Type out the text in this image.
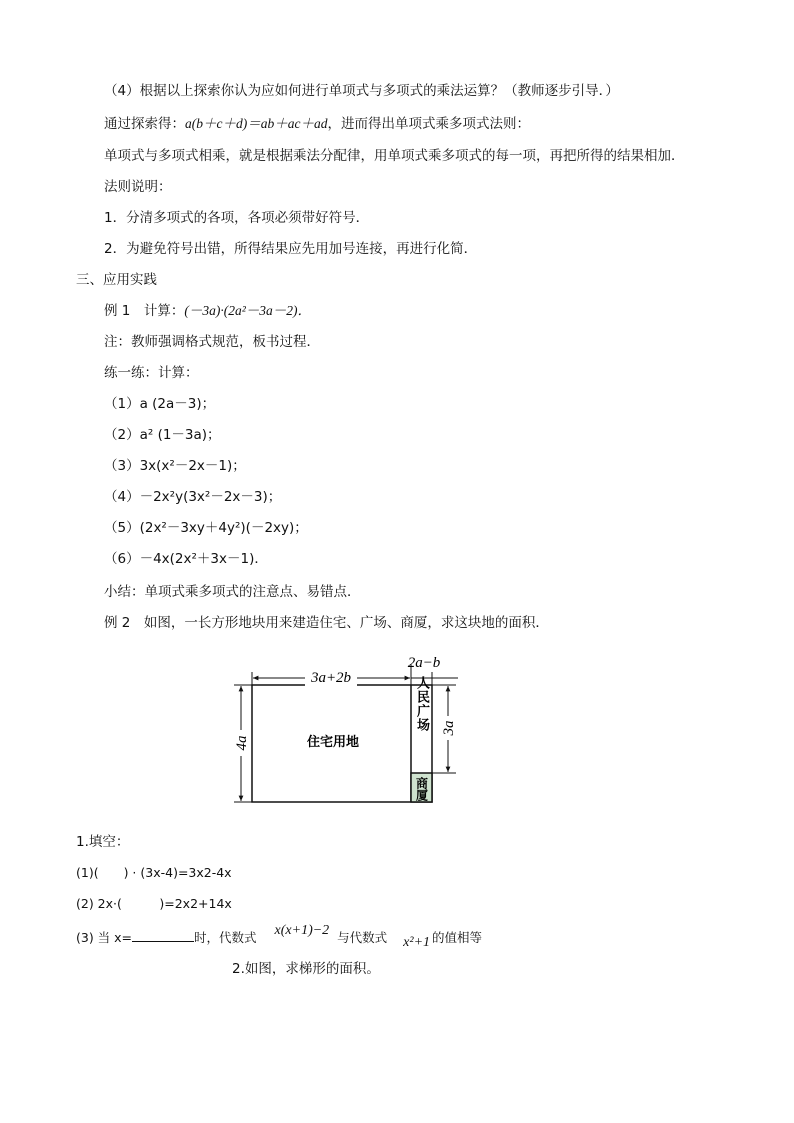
（4）根据以上探索你认为应如何进行单项式与多项式的乘法运算？（教师逐步引导．）
通过探索得：a(b＋c＋d)＝ab＋ac＋ad，进而得出单项式乘多项式法则：
单项式与多项式相乘，就是根据乘法分配律，用单项式乘多项式的每一项，再把所得的结果相加．
法则说明：
1．分清多项式的各项，各项必须带好符号．
2．为避免符号出错，所得结果应先用加号连接，再进行化简．
三、应用实践
例 1　计算：(－3a)·(2a²－3a－2)．
注：教师强调格式规范，板书过程．
练一练：计算：
（1）a (2a－3)；
（2）a² (1－3a)；
（3）3x(x²－2x－1)；
（4）－2x²y(3x²－2x－3)；
（5）(2x²－3xy＋4y²)(－2xy)；
（6）－4x(2x²＋3x－1)．
小结：单项式乘多项式的注意点、易错点．
例 2　如图，一长方形地块用来建造住宅、广场、商厦，求这块地的面积．
3a+2b
2a−b
4a
3a
住宅用地
人民广场
商厦
1.填空：
(1)(　　) · (3x-4)=3x2-4x
(2) 2x·(　　　)=2x2+14x
(3) 当 x=	时，代数式 x(x+1)−2 与代数式 x²+1 的值相等
2.如图，求梯形的面积。
